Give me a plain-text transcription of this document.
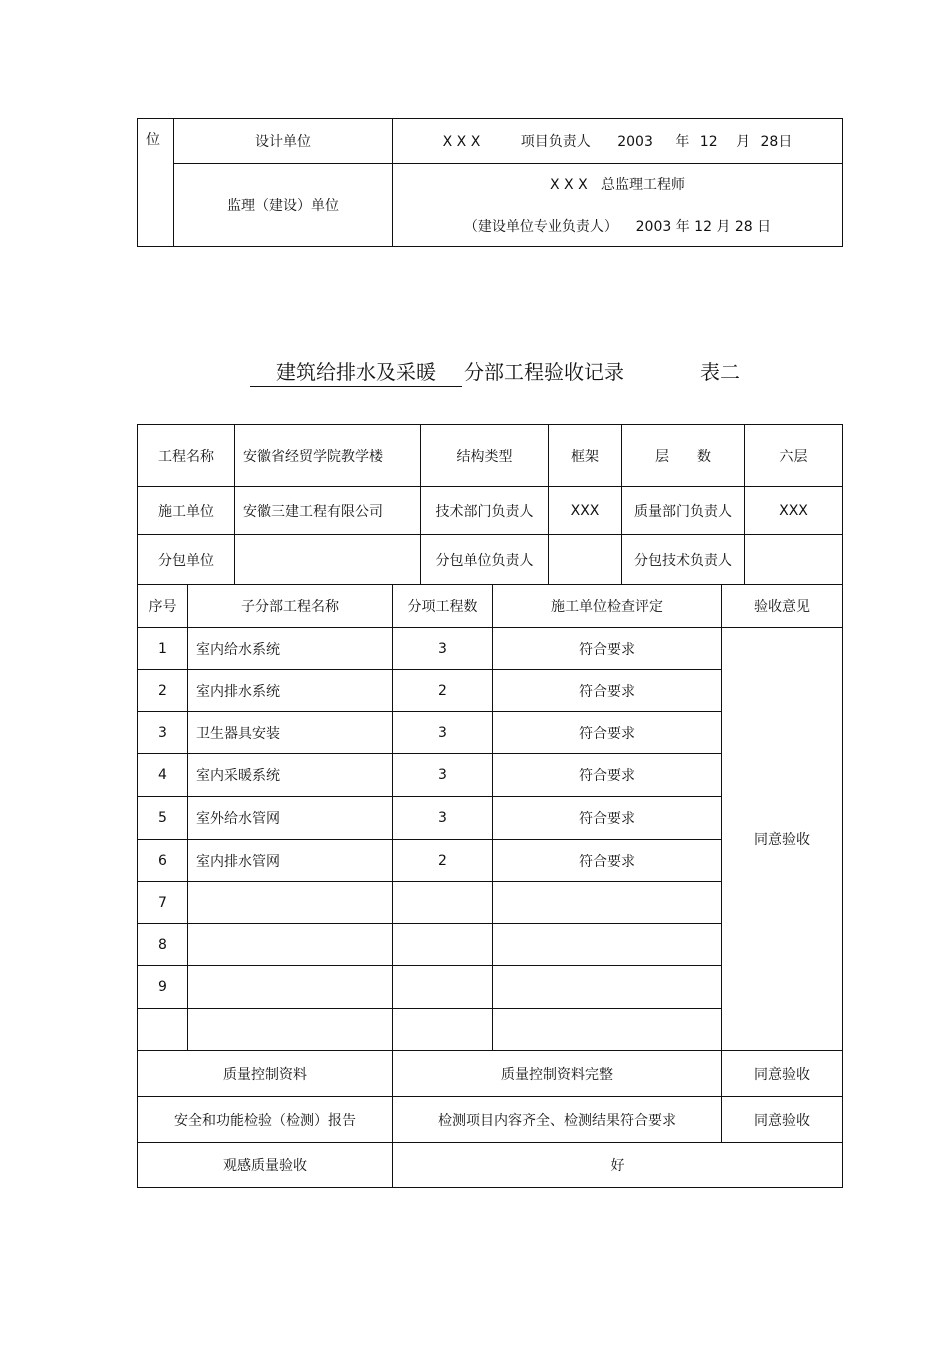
位	设计单位	X X X 项目负责人 2003 年 12 月 28日
	监理（建设）单位	X X X   总监理工程师
（建设单位专业负责人）    2003 年 12 月 28 日
建筑给排水及采暖	分部工程验收记录	表二
工程名称	安徽省经贸学院教学楼	结构类型	框架	层　　数	六层
施工单位	安徽三建工程有限公司	技术部门负责人	XXX	质量部门负责人	XXX
分包单位		分包单位负责人		分包技术负责人	
序号	子分部工程名称	分项工程数	施工单位检查评定	验收意见
1	室内给水系统	3	符合要求	同意验收
2	室内排水系统	2	符合要求	
3	卫生器具安装	3	符合要求	
4	室内采暖系统	3	符合要求	
5	室外给水管网	3	符合要求	
6	室内排水管网	2	符合要求	
7				
8				
9				

质量控制资料		质量控制资料完整		同意验收
安全和功能检验（检测）报告		检测项目内容齐全、检测结果符合要求		同意验收
观感质量验收		好		
